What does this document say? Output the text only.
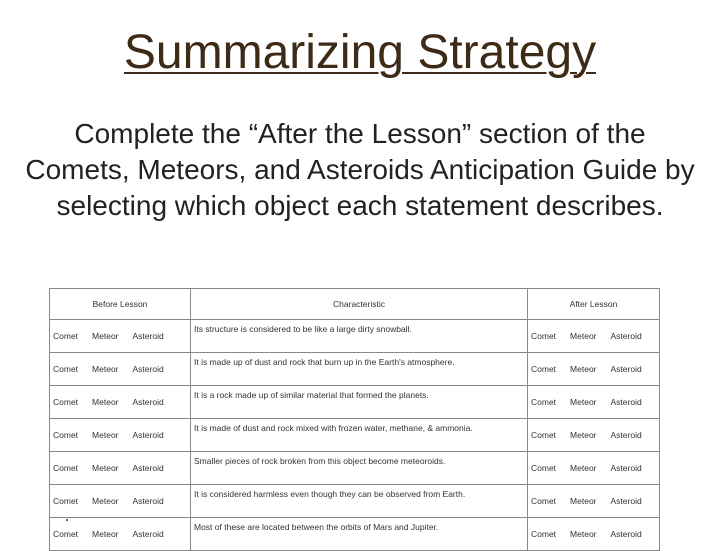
Summarizing Strategy
Complete the “After the Lesson” section of the Comets, Meteors, and Asteroids Anticipation Guide by selecting which object each statement describes.
Before Lesson	Characteristic	After Lesson
Comet Meteor Asteroid	Its structure is considered to be like a large dirty snowball.	Comet Meteor Asteroid
Comet Meteor Asteroid	It is made up of dust and rock that burn up in the Earth's atmosphere.	Comet Meteor Asteroid
Comet Meteor Asteroid	It is a rock made up of similar material that formed the planets.	Comet Meteor Asteroid
Comet Meteor Asteroid	It is made of dust and rock mixed with frozen water, methane, & ammonia.	Comet Meteor Asteroid
Comet Meteor Asteroid	Smaller pieces of rock broken from this object become meteoroids.	Comet Meteor Asteroid
Comet Meteor Asteroid	It is considered harmless even though they can be observed from Earth.	Comet Meteor Asteroid
Comet Meteor Asteroid	Most of these are located between the orbits of Mars and Jupiter.	Comet Meteor Asteroid
